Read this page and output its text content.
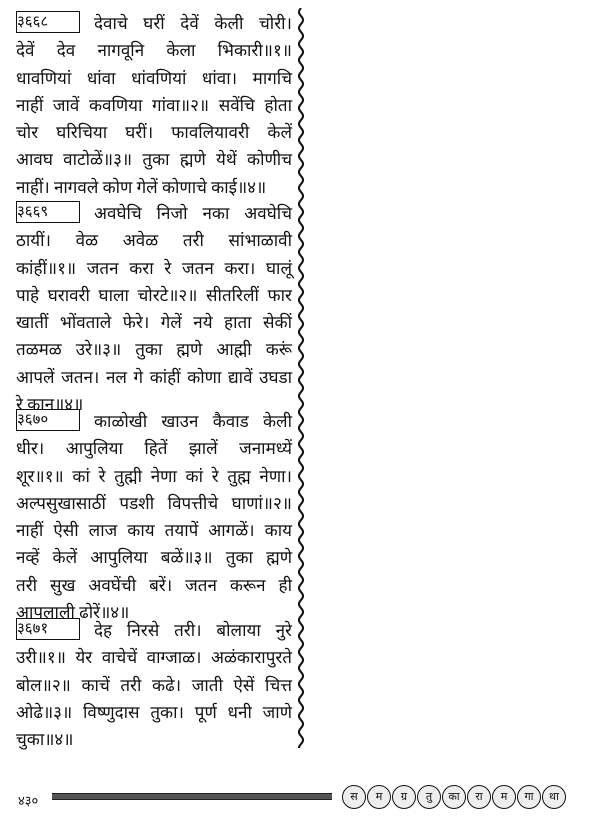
३६६८	देवाचे घरीं देवें केली चोरी।
देवें देव नागवूनि केला भिकारी॥१॥
धावणियां धांवा धांवणियां धांवा। मागचि
नाहीं जावें कवणिया गांवा॥२॥ सवेंचि होता
चोर घरिचिया घरीं। फावलियावरी केलें
आवघ वाटोळें॥३॥ तुका ह्मणे येथें कोणीच
नाहीं। नागवले कोण गेलें कोणाचे काई॥४॥
३६६९	अवघेचि निजो नका अवघेचि
ठायीं। वेळ अवेळ तरी सांभाळावी
कांहीं॥१॥ जतन करा रे जतन करा। घालूं
पाहे घरावरी घाला चोरटे॥२॥ सीतरिलीं फार
खातीं भोंवताले फेरे। गेलें नये हाता सेकीं
तळमळ उरे॥३॥ तुका ह्मणे आह्मी करूं
आपलें जतन। नल गे कांहीं कोणा द्यावें उघडा
रे कान॥४॥
३६७०	काळोखी खाउन कैवाड केली
धीर। आपुलिया हितें झालें जनामध्यें
शूर॥१॥ कां रे तुह्मी नेणा कां रे तुह्म नेणा।
अल्पसुखासाठीं पडशी विपत्तीचे घाणां॥२॥
नाहीं ऐसी लाज काय तयापें आगळें। काय
नव्हें केलें आपुलिया बळें॥३॥ तुका ह्मणे
तरी सुख अवघेंची बरें। जतन करून ही
आपलाली ढोरें॥४॥
३६७१	देह निरसे तरी। बोलाया नुरे
उरी॥१॥ येर वाचेचें वाग्जाळ। अळंकारापुरते
बोल॥२॥ काचें तरी कढे। जाती ऐसें चित्त
ओढे॥३॥ विष्णुदास तुका। पूर्ण धनी जाणे
चुका॥४॥
४३०	स	म	ग्र	तु	का	रा	म	गा	था
